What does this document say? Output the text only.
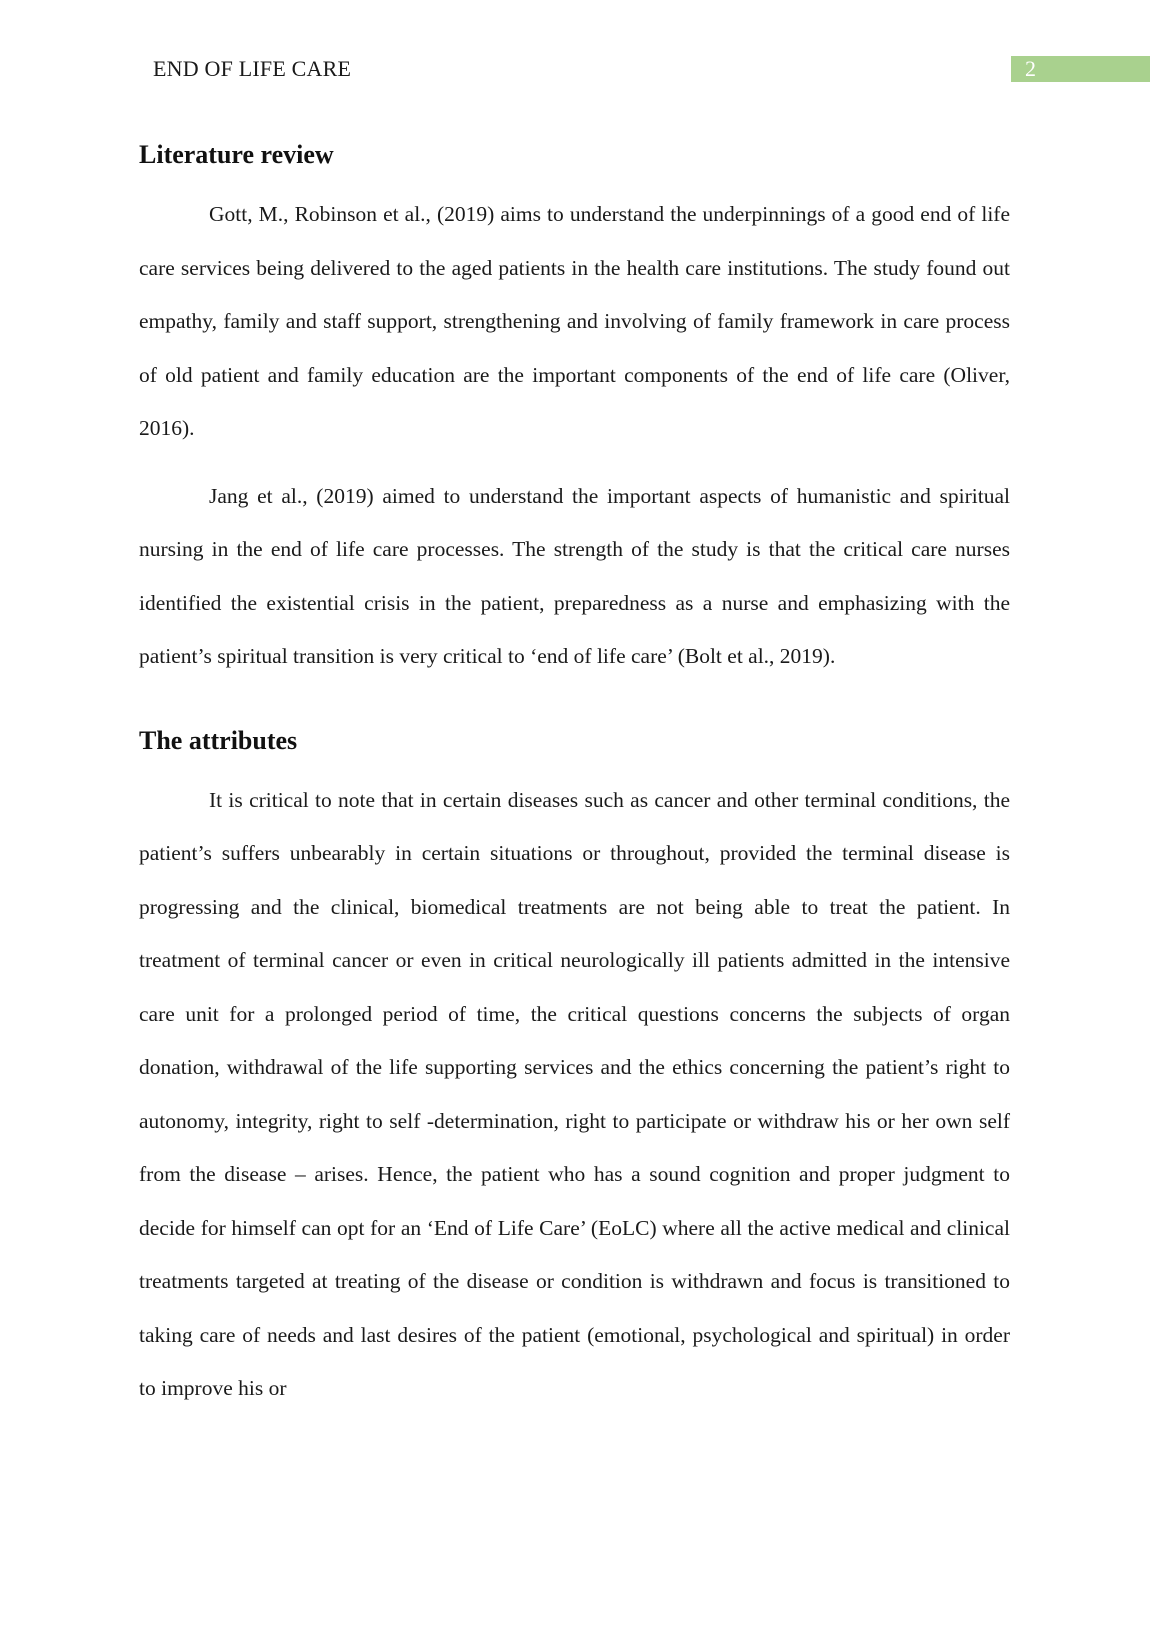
END OF LIFE CARE	2
Literature review

Gott, M., Robinson et al., (2019) aims to understand the underpinnings of a good end of life care services being delivered to the aged patients in the health care institutions. The study found out empathy, family and staff support, strengthening and involving of family framework in care process of old patient and family education are the important components of the end of life care (Oliver, 2016).

Jang et al., (2019) aimed to understand the important aspects of humanistic and spiritual nursing in the end of life care processes. The strength of the study is that the critical care nurses identified the existential crisis in the patient, preparedness as a nurse and emphasizing with the patient’s spiritual transition is very critical to ‘end of life care’ (Bolt et al., 2019).

The attributes

It is critical to note that in certain diseases such as cancer and other terminal conditions, the patient’s suffers unbearably in certain situations or throughout, provided the terminal disease is progressing and the clinical, biomedical treatments are not being able to treat the patient. In treatment of terminal cancer or even in critical neurologically ill patients admitted in the intensive care unit for a prolonged period of time, the critical questions concerns the subjects of organ donation, withdrawal of the life supporting services and the ethics concerning the patient’s right to autonomy, integrity, right to self -determination, right to participate or withdraw his or her own self from the disease – arises. Hence, the patient who has a sound cognition and proper judgment to decide for himself can opt for an ‘End of Life Care’ (EoLC) where all the active medical and clinical treatments targeted at treating of the disease or condition is withdrawn and focus is transitioned to taking care of needs and last desires of the patient (emotional, psychological and spiritual) in order to improve his or
